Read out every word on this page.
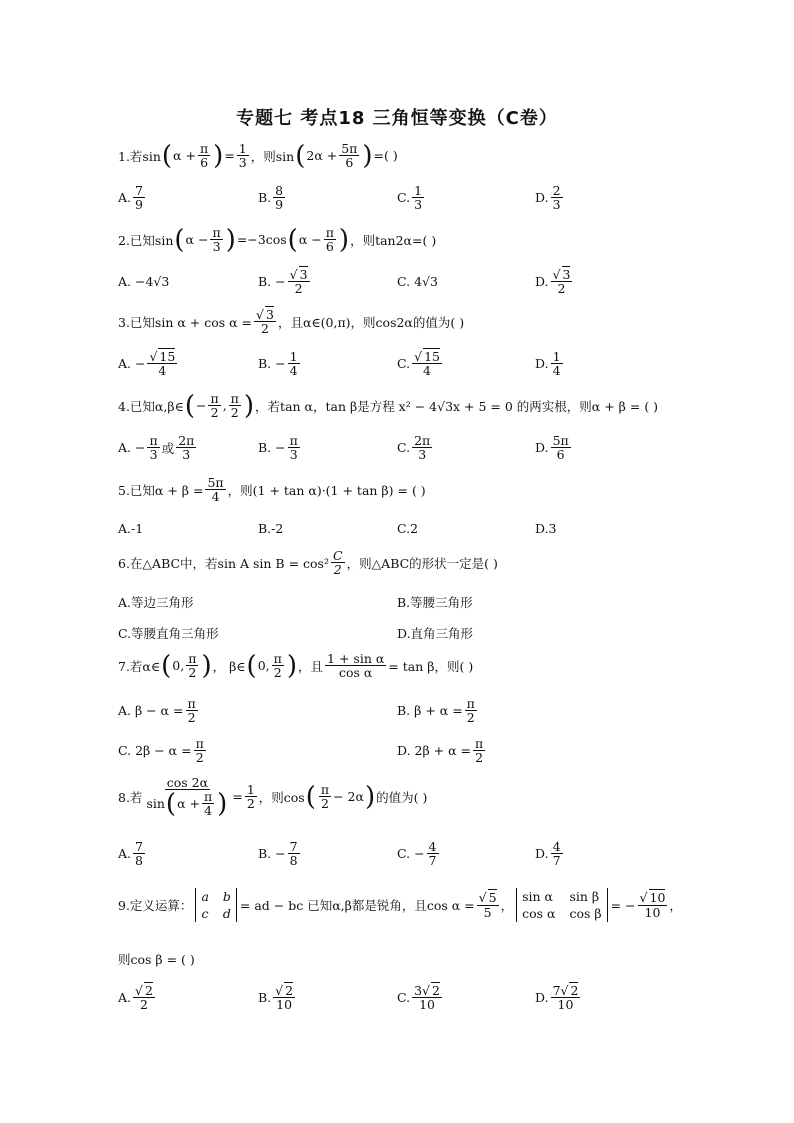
专题七 考点18 三角恒等变换（C卷）
1.若sin ( $\alpha + \frac{\pi}{6}$ ) = $\frac{1}{3}$ ，则sin ( $2\alpha + \frac{5\pi}{6}$ ) =( )
A. $\frac{7}{9}$	B. $\frac{8}{9}$	C. $\frac{1}{3}$	D. $\frac{2}{3}$
2.已知sin ( $\alpha - \frac{\pi}{3}$ ) =−3cos ( $\alpha - \frac{\pi}{6}$ ) ，则tan2α=( )
A. −4√3	B. − $\frac{√ 3}{2}$	C. 4√3	D. $\frac{√ 3}{2}$
3.已知$\sin \alpha + \cos \alpha = \frac{√ 3}{2}$ ，且α∈(0,π)，则cos2α的值为( )
A. − $\frac{√ 15}{4}$	B. − $\frac{1}{4}$	C. $\frac{√ 15}{4}$	D. $\frac{1}{4}$
4.已知α,β∈ ( − $\frac{\pi}{2}$ , $\frac{\pi}{2}$ ) ，若tan α，tan β是方程 x² − 4√3x + 5 = 0 的两实根，则α + β = ( )
A. − $\frac{\pi}{3}$ 或 $\frac{2\pi}{3}$	B. − $\frac{\pi}{3}$	C. $\frac{2\pi}{3}$	D. $\frac{5\pi}{6}$
5.已知$\alpha + \beta = \frac{5\pi}{4}$ ，则(1 + tan α)·(1 + tan β) = ( )
A.-1	B.-2	C.2	D.3
6.在△ABC中，若sin A $\sin B = \cos^2 \frac{C}{2}$ ，则△ABC的形状一定是( )
A.等边三角形	B.等腰三角形
C.等腰直角三角形	D.直角三角形
7.若α∈ ( 0, $\frac{\pi}{2}$ ) ， β∈ ( 0, $\frac{\pi}{2}$ ) ，且 $\frac{\text{1 + sin α}}{\text{cos α}} = \tan \beta$，则( )
A. $\beta - \alpha = \frac{\pi}{2}$	B. $\beta + \alpha = \frac{\pi}{2}$
C. $2\beta - \alpha = \frac{\pi}{2}$	D. $2\beta + \alpha = \frac{\pi}{2}$
8.若 $\frac{\cos 2\alpha}{\sin ( \alpha + \frac{\pi}{4} )} = \frac{1}{2}$ ，则cos ( $\frac{\pi}{2} - 2\alpha$ ) 的值为( )
A. $\frac{7}{8}$	B. − $\frac{7}{8}$	C. − $\frac{4}{7}$	D. $\frac{4}{7}$
9.定义运算：
a b
c d
= ad − bc 已知α,β都是锐角，且$\cos \alpha = \frac{√ 5}{5}$ ，
sin α sin β
cos α cos β
= − $\frac{√ 10}{10}$ ，
则cos β = ( )
A. $\frac{√ 2}{2}$	B. $\frac{√ 2}{10}$	C. $\frac{3√ 2}{10}$	D. $\frac{7√ 2}{10}$
